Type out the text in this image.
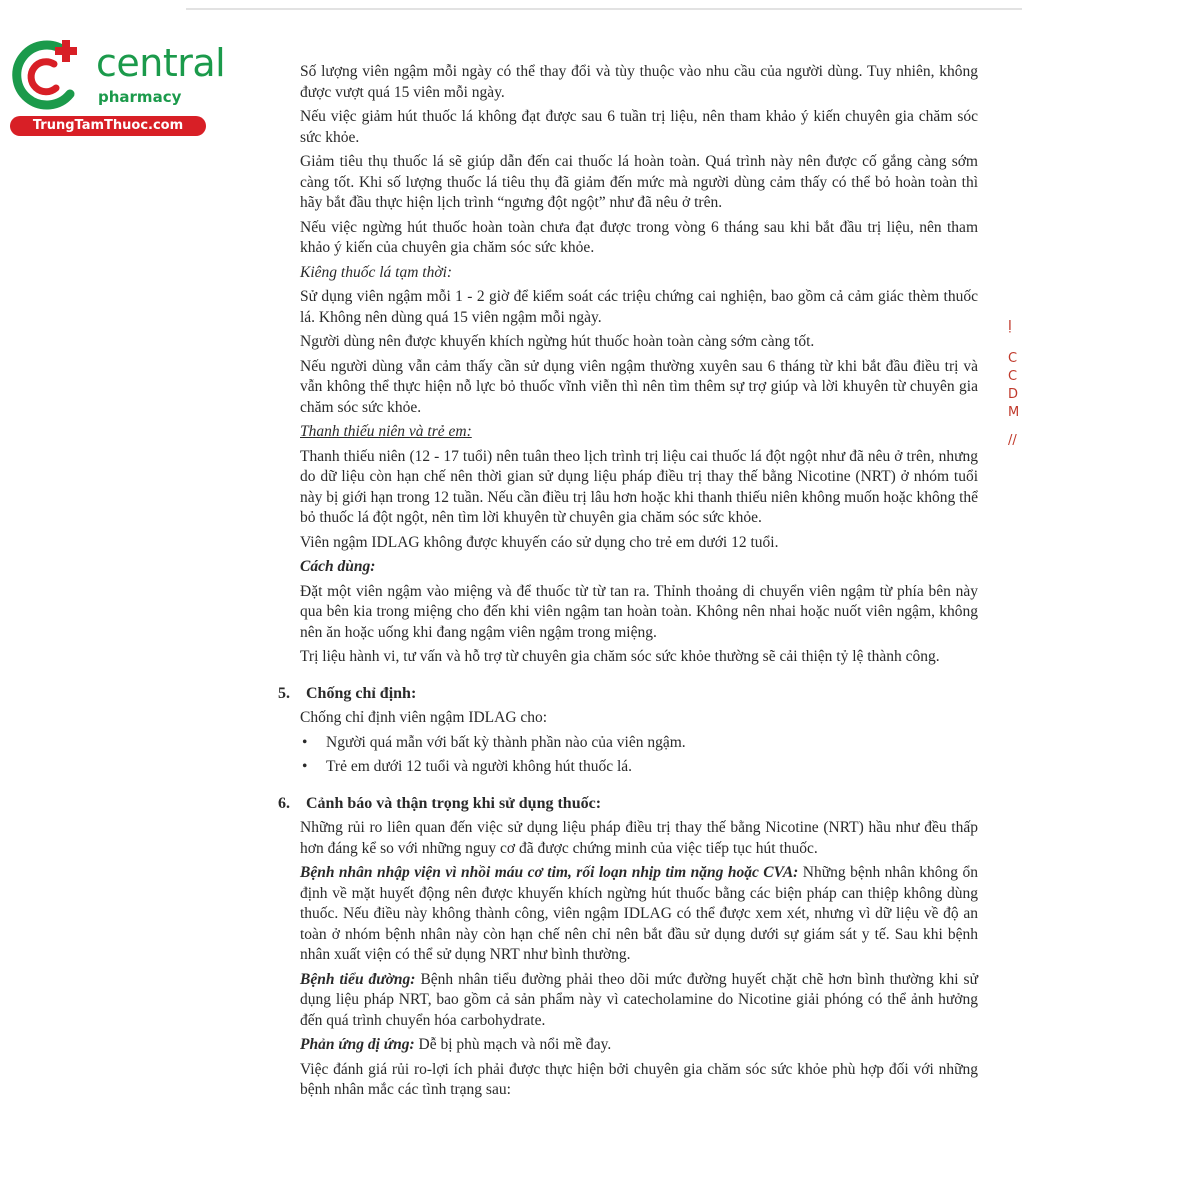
central
pharmacy
TrungTamThuoc.com
Ị
C
C
D
M
//

Số lượng viên ngậm mỗi ngày có thể thay đổi và tùy thuộc vào nhu cầu của người dùng. Tuy nhiên, không được vượt quá 15 viên mỗi ngày.

Nếu việc giảm hút thuốc lá không đạt được sau 6 tuần trị liệu, nên tham khảo ý kiến chuyên gia chăm sóc sức khỏe.

Giảm tiêu thụ thuốc lá sẽ giúp dẫn đến cai thuốc lá hoàn toàn. Quá trình này nên được cố gắng càng sớm càng tốt. Khi số lượng thuốc lá tiêu thụ đã giảm đến mức mà người dùng cảm thấy có thể bỏ hoàn toàn thì hãy bắt đầu thực hiện lịch trình “ngưng đột ngột” như đã nêu ở trên.

Nếu việc ngừng hút thuốc hoàn toàn chưa đạt được trong vòng 6 tháng sau khi bắt đầu trị liệu, nên tham khảo ý kiến của chuyên gia chăm sóc sức khỏe.

Kiêng thuốc lá tạm thời:

Sử dụng viên ngậm mỗi 1 - 2 giờ để kiểm soát các triệu chứng cai nghiện, bao gồm cả cảm giác thèm thuốc lá. Không nên dùng quá 15 viên ngậm mỗi ngày.

Người dùng nên được khuyến khích ngừng hút thuốc hoàn toàn càng sớm càng tốt.

Nếu người dùng vẫn cảm thấy cần sử dụng viên ngậm thường xuyên sau 6 tháng từ khi bắt đầu điều trị và vẫn không thể thực hiện nỗ lực bỏ thuốc vĩnh viễn thì nên tìm thêm sự trợ giúp và lời khuyên từ chuyên gia chăm sóc sức khỏe.

Thanh thiếu niên và trẻ em:

Thanh thiếu niên (12 - 17 tuổi) nên tuân theo lịch trình trị liệu cai thuốc lá đột ngột như đã nêu ở trên, nhưng do dữ liệu còn hạn chế nên thời gian sử dụng liệu pháp điều trị thay thế bằng Nicotine (NRT) ở nhóm tuổi này bị giới hạn trong 12 tuần. Nếu cần điều trị lâu hơn hoặc khi thanh thiếu niên không muốn hoặc không thể bỏ thuốc lá đột ngột, nên tìm lời khuyên từ chuyên gia chăm sóc sức khỏe.

Viên ngậm IDLAG không được khuyến cáo sử dụng cho trẻ em dưới 12 tuổi.

Cách dùng:

Đặt một viên ngậm vào miệng và để thuốc từ từ tan ra. Thỉnh thoảng di chuyển viên ngậm từ phía bên này qua bên kia trong miệng cho đến khi viên ngậm tan hoàn toàn. Không nên nhai hoặc nuốt viên ngậm, không nên ăn hoặc uống khi đang ngậm viên ngậm trong miệng.

Trị liệu hành vi, tư vấn và hỗ trợ từ chuyên gia chăm sóc sức khỏe thường sẽ cải thiện tỷ lệ thành công.

5. Chống chỉ định:

Chống chỉ định viên ngậm IDLAG cho:

• Người quá mẫn với bất kỳ thành phần nào của viên ngậm.
• Trẻ em dưới 12 tuổi và người không hút thuốc lá.
6. Cảnh báo và thận trọng khi sử dụng thuốc:

Những rủi ro liên quan đến việc sử dụng liệu pháp điều trị thay thế bằng Nicotine (NRT) hầu như đều thấp hơn đáng kể so với những nguy cơ đã được chứng minh của việc tiếp tục hút thuốc.

Bệnh nhân nhập viện vì nhồi máu cơ tim, rối loạn nhịp tim nặng hoặc CVA: Những bệnh nhân không ổn định về mặt huyết động nên được khuyến khích ngừng hút thuốc bằng các biện pháp can thiệp không dùng thuốc. Nếu điều này không thành công, viên ngậm IDLAG có thể được xem xét, nhưng vì dữ liệu về độ an toàn ở nhóm bệnh nhân này còn hạn chế nên chỉ nên bắt đầu sử dụng dưới sự giám sát y tế. Sau khi bệnh nhân xuất viện có thể sử dụng NRT như bình thường.

Bệnh tiểu đường: Bệnh nhân tiểu đường phải theo dõi mức đường huyết chặt chẽ hơn bình thường khi sử dụng liệu pháp NRT, bao gồm cả sản phẩm này vì catecholamine do Nicotine giải phóng có thể ảnh hưởng đến quá trình chuyển hóa carbohydrate.

Phản ứng dị ứng: Dễ bị phù mạch và nổi mề đay.

Việc đánh giá rủi ro-lợi ích phải được thực hiện bởi chuyên gia chăm sóc sức khỏe phù hợp đối với những bệnh nhân mắc các tình trạng sau:
